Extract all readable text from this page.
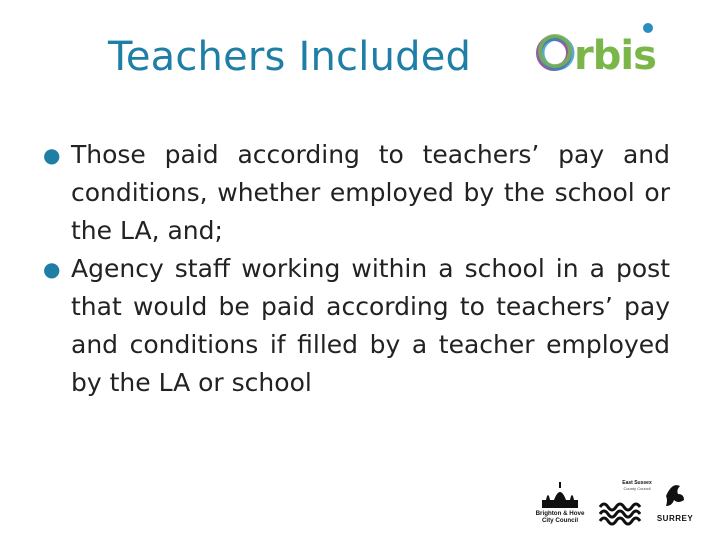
Teachers Included	rbis
● Those paid according to teachers’ pay and conditions, whether employed by the school or the LA, and;
● Agency staff working within a school in a post that would be paid according to teachers’ pay and conditions if filled by a teacher employed by the LA or school
Brighton & Hove
City Council
East Sussex
County Council
SURREY
